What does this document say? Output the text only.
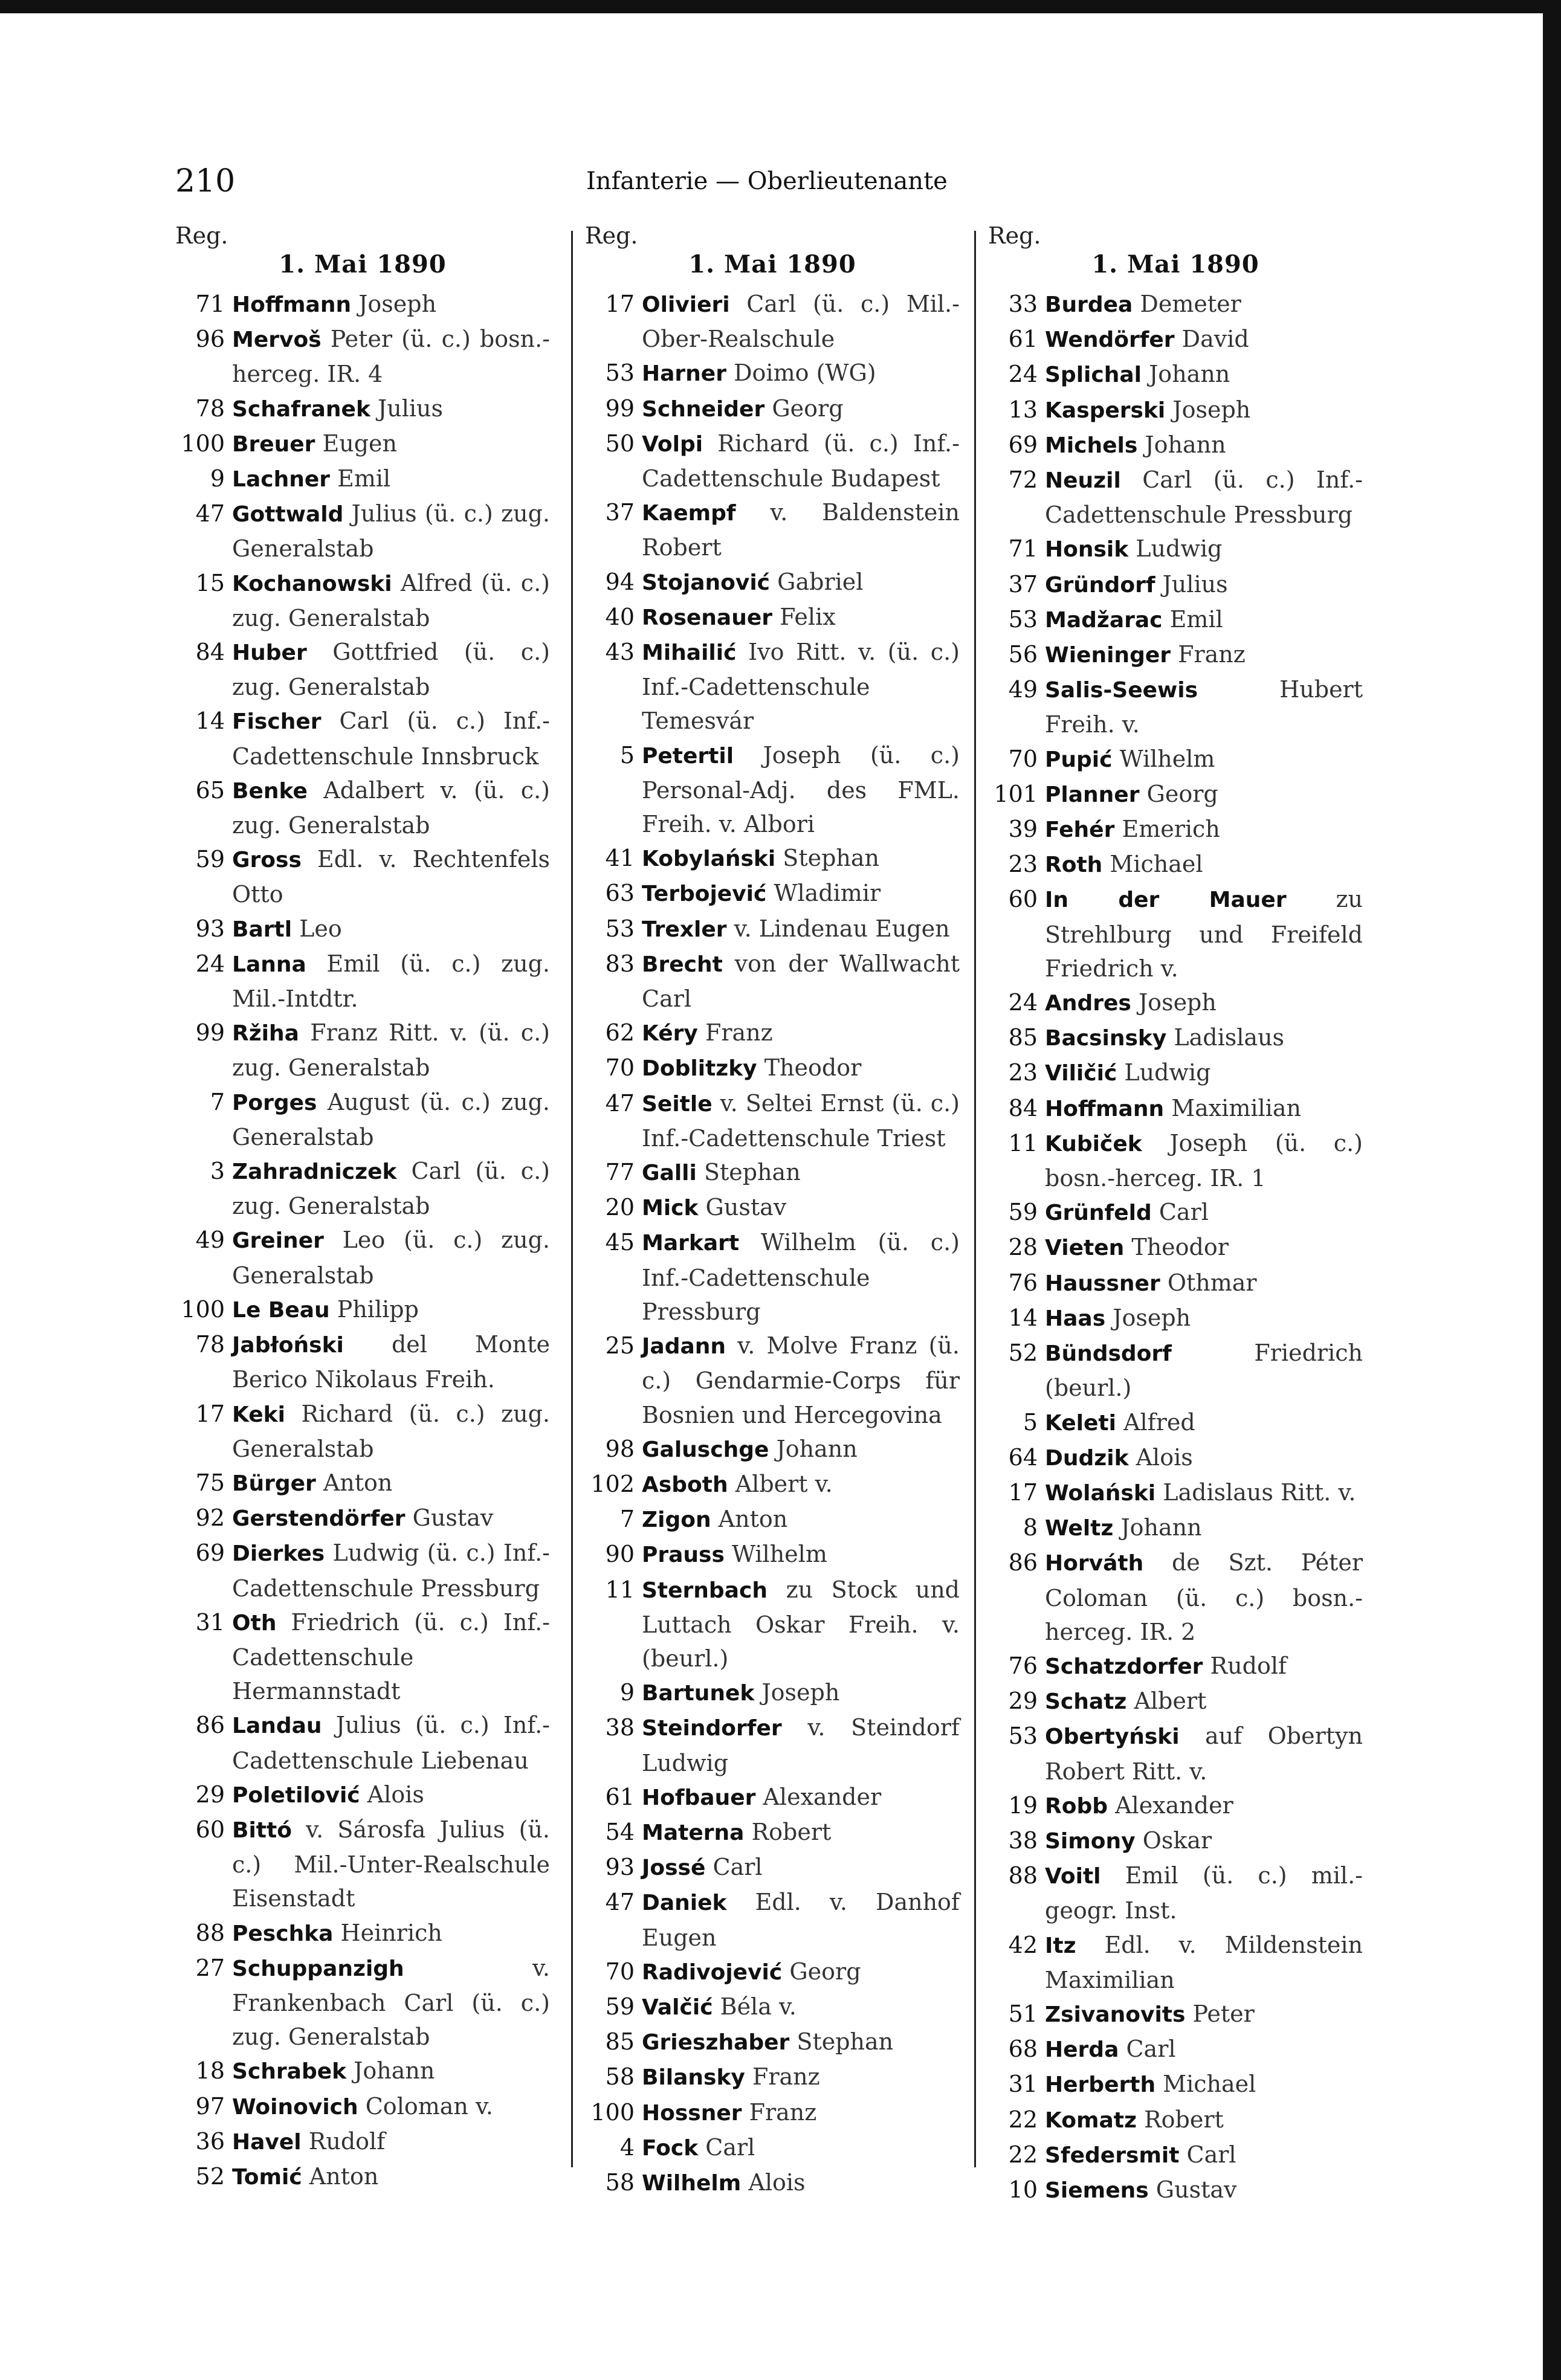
210	Infanterie — Oberlieutenante
Reg.
1. Mai 1890
71 Hoffmann Joseph
96 Mervoš Peter (ü. c.) bosn.-herceg. IR. 4
78 Schafranek Julius
100 Breuer Eugen
9 Lachner Emil
47 Gottwald Julius (ü. c.) zug. Generalstab
15 Kochanowski Alfred (ü. c.) zug. Generalstab
84 Huber Gottfried (ü. c.) zug. Generalstab
14 Fischer Carl (ü. c.) Inf.-Cadettenschule Innsbruck
65 Benke Adalbert v. (ü. c.) zug. Generalstab
59 Gross Edl. v. Rechtenfels Otto
93 Bartl Leo
24 Lanna Emil (ü. c.) zug. Mil.-Intdtr.
99 Ržiha Franz Ritt. v. (ü. c.) zug. Generalstab
7 Porges August (ü. c.) zug. Generalstab
3 Zahradniczek Carl (ü. c.) zug. Generalstab
49 Greiner Leo (ü. c.) zug. Generalstab
100 Le Beau Philipp
78 Jabłoński del Monte Berico Nikolaus Freih.
17 Keki Richard (ü. c.) zug. Generalstab
75 Bürger Anton
92 Gerstendörfer Gustav
69 Dierkes Ludwig (ü. c.) Inf.-Cadettenschule Pressburg
31 Oth Friedrich (ü. c.) Inf.-Cadettenschule Hermannstadt
86 Landau Julius (ü. c.) Inf.-Cadettenschule Liebenau
29 Poletilović Alois
60 Bittó v. Sárosfa Julius (ü. c.) Mil.-Unter-Realschule Eisenstadt
88 Peschka Heinrich
27 Schuppanzigh	v. Frankenbach Carl (ü. c.) zug. Generalstab
18 Schrabek Johann
97 Woinovich Coloman v.
36 Havel Rudolf
52 Tomić Anton
Reg.
1. Mai 1890
17 Olivieri Carl (ü. c.) Mil.-Ober-Realschule
53 Harner Doimo (WG)
99 Schneider Georg
50 Volpi Richard (ü. c.) Inf.-Cadettenschule Budapest
37 Kaempf v. Baldenstein Robert
94 Stojanović Gabriel
40 Rosenauer Felix
43 Mihailić Ivo Ritt. v. (ü. c.) Inf.-Cadettenschule Temesvár
5 Petertil Joseph (ü. c.) Personal-Adj. des FML. Freih. v. Albori
41 Kobylański Stephan
63 Terbojević Wladimir
53 Trexler v. Lindenau Eugen
83 Brecht von der Wallwacht Carl
62 Kéry Franz
70 Doblitzky Theodor
47 Seitle v. Seltei Ernst (ü. c.) Inf.-Cadettenschule Triest
77 Galli Stephan
20 Mick Gustav
45 Markart Wilhelm (ü. c.) Inf.-Cadettenschule Pressburg
25 Jadann v. Molve Franz (ü. c.) Gendarmie-Corps für Bosnien und Hercegovina
98 Galuschge Johann
102 Asboth Albert v.
7 Zigon Anton
90 Prauss Wilhelm
11 Sternbach zu Stock und Luttach Oskar Freih. v. (beurl.)
9 Bartunek Joseph
38 Steindorfer v. Steindorf Ludwig
61 Hofbauer Alexander
54 Materna Robert
93 Jossé Carl
47 Daniek Edl. v. Danhof Eugen
70 Radivojević Georg
59 Valčić Béla v.
85 Grieszhaber Stephan
58 Bilansky Franz
100 Hossner Franz
4 Fock Carl
58 Wilhelm Alois
Reg.
1. Mai 1890
33 Burdea Demeter
61 Wendörfer David
24 Splichal Johann
13 Kasperski Joseph
69 Michels Johann
72 Neuzil Carl (ü. c.) Inf.-Cadettenschule Pressburg
71 Honsik Ludwig
37 Gründorf Julius
53 Madžarac Emil
56 Wieninger Franz
49 Salis-Seewis	Hubert Freih. v.
70 Pupić Wilhelm
101 Planner Georg
39 Fehér Emerich
23 Roth Michael
60 In der Mauer zu Strehlburg und Freifeld Friedrich v.
24 Andres Joseph
85 Bacsinsky Ladislaus
23 Viličić Ludwig
84 Hoffmann Maximilian
11 Kubiček Joseph (ü. c.) bosn.-herceg. IR. 1
59 Grünfeld Carl
28 Vieten Theodor
76 Haussner Othmar
14 Haas Joseph
52 Bündsdorf	Friedrich (beurl.)
5 Keleti Alfred
64 Dudzik Alois
17 Wolański Ladislaus Ritt. v.
8 Weltz Johann
86 Horváth de Szt. Péter Coloman (ü. c.) bosn.-herceg. IR. 2
76 Schatzdorfer Rudolf
29 Schatz Albert
53 Obertyński auf Obertyn Robert Ritt. v.
19 Robb Alexander
38 Simony Oskar
88 Voitl Emil (ü. c.) mil.-geogr. Inst.
42 Itz Edl. v. Mildenstein Maximilian
51 Zsivanovits Peter
68 Herda Carl
31 Herberth Michael
22 Komatz Robert
22 Sfedersmit Carl
10 Siemens Gustav
